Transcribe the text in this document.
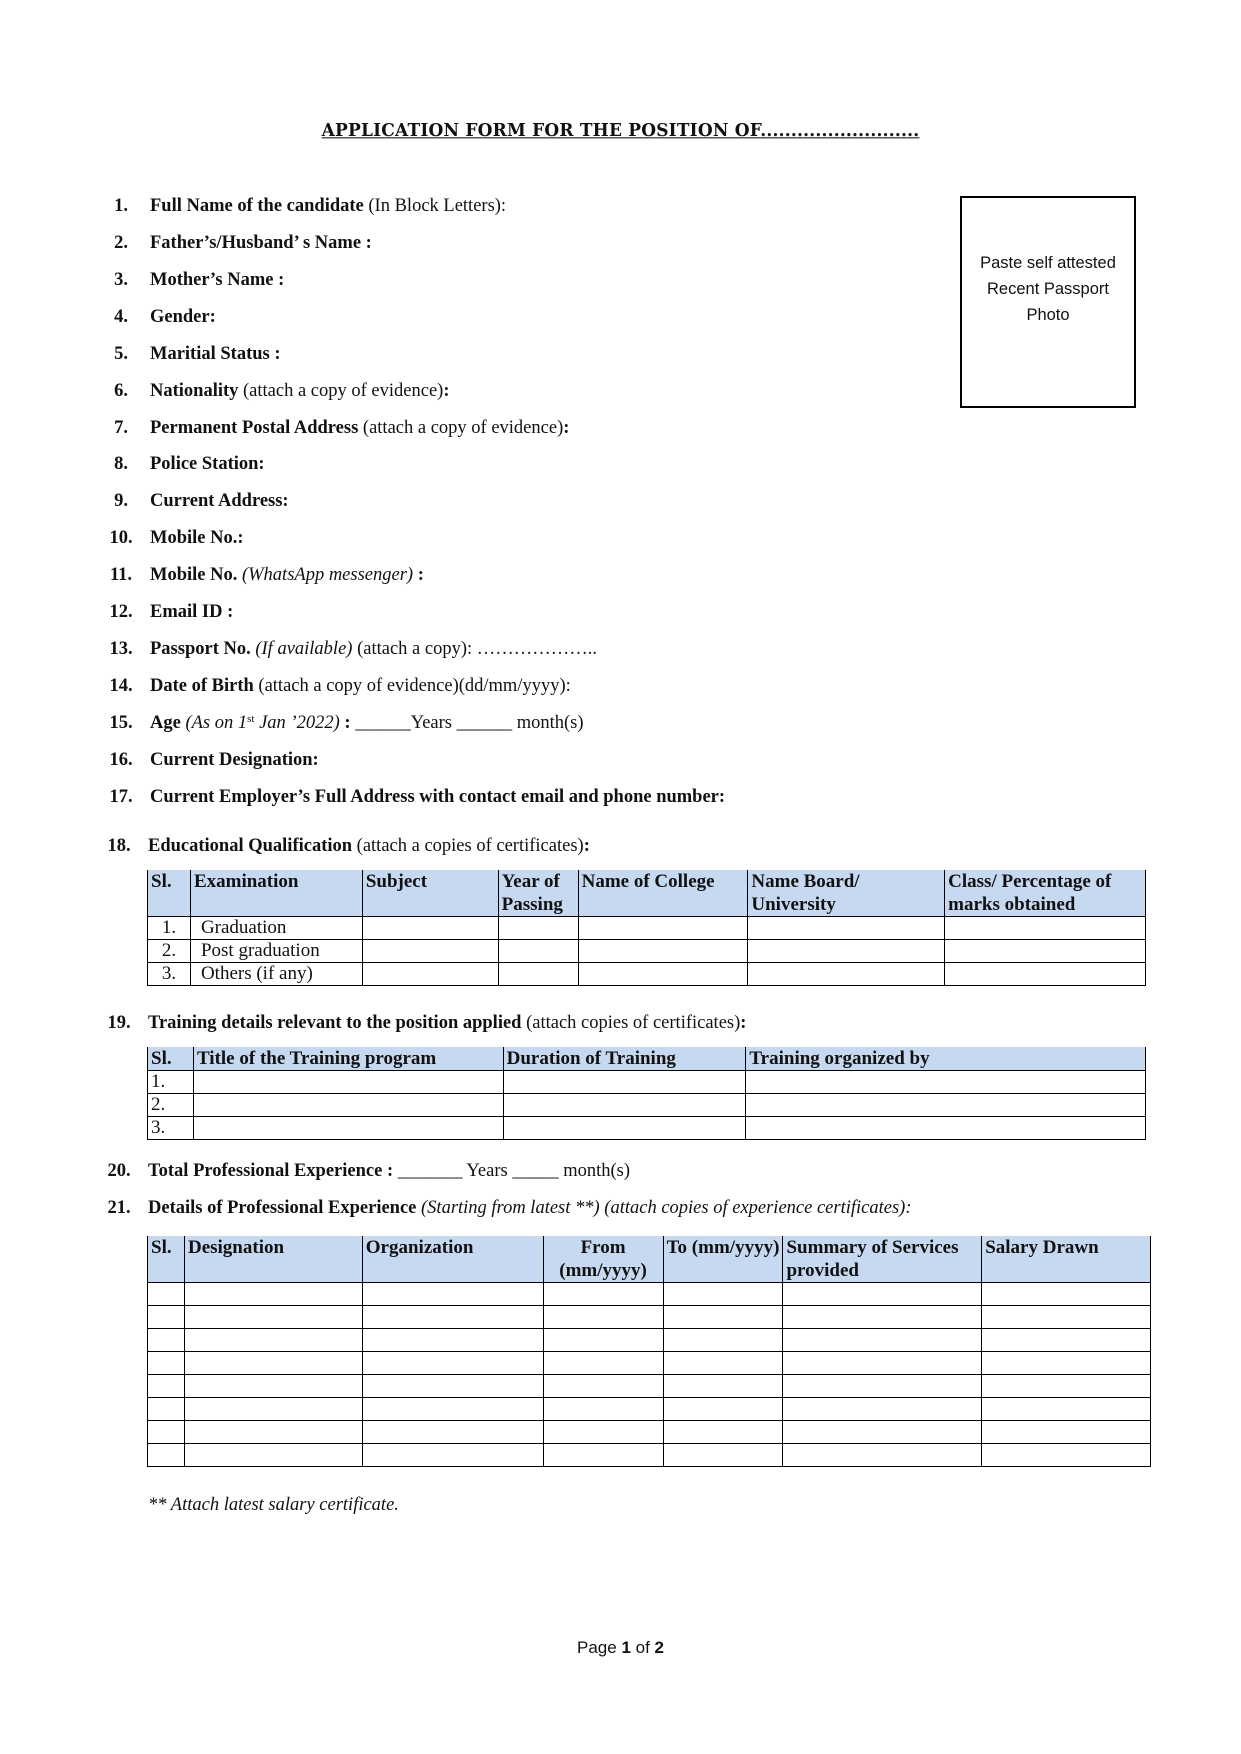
APPLICATION FORM FOR THE POSITION OF..........................
Paste self attested
Recent Passport
Photo
1. Full Name of the candidate (In Block Letters):
2. Father’s/Husband’ s Name :
3. Mother’s Name :
4. Gender:
5. Maritial Status :
6. Nationality (attach a copy of evidence):
7. Permanent Postal Address (attach a copy of evidence):
8. Police Station:
9. Current Address:
10. Mobile No.:
11. Mobile No. (WhatsApp messenger) :
12. Email ID :
13. Passport No. (If available) (attach a copy): ………………..
14. Date of Birth (attach a copy of evidence)(dd/mm/yyyy):
15. Age (As on 1st Jan ’2022) : ______Years ______ month(s)
16. Current Designation:
17. Current Employer’s Full Address with contact email and phone number:
18. Educational Qualification (attach a copies of certificates):
19. Training details relevant to the position applied (attach copies of certificates):
20. Total Professional Experience : _______ Years _____ month(s)
21. Details of Professional Experience (Starting from latest **) (attach copies of experience certificates):
Sl.	Examination	Subject	Year of Passing	Name of College	Name Board/ University	Class/ Percentage of marks obtained
1.	Graduation					
2.	Post graduation					
3.	Others (if any)					
Sl.	Title of the Training program	Duration of Training	Training organized by
1.			
2.			
3.			
Sl.	Designation	Organization	From (mm/yyyy)	To (mm/yyyy)	Summary of Services provided	Salary Drawn

** Attach latest salary certificate.
Page 1 of 2
